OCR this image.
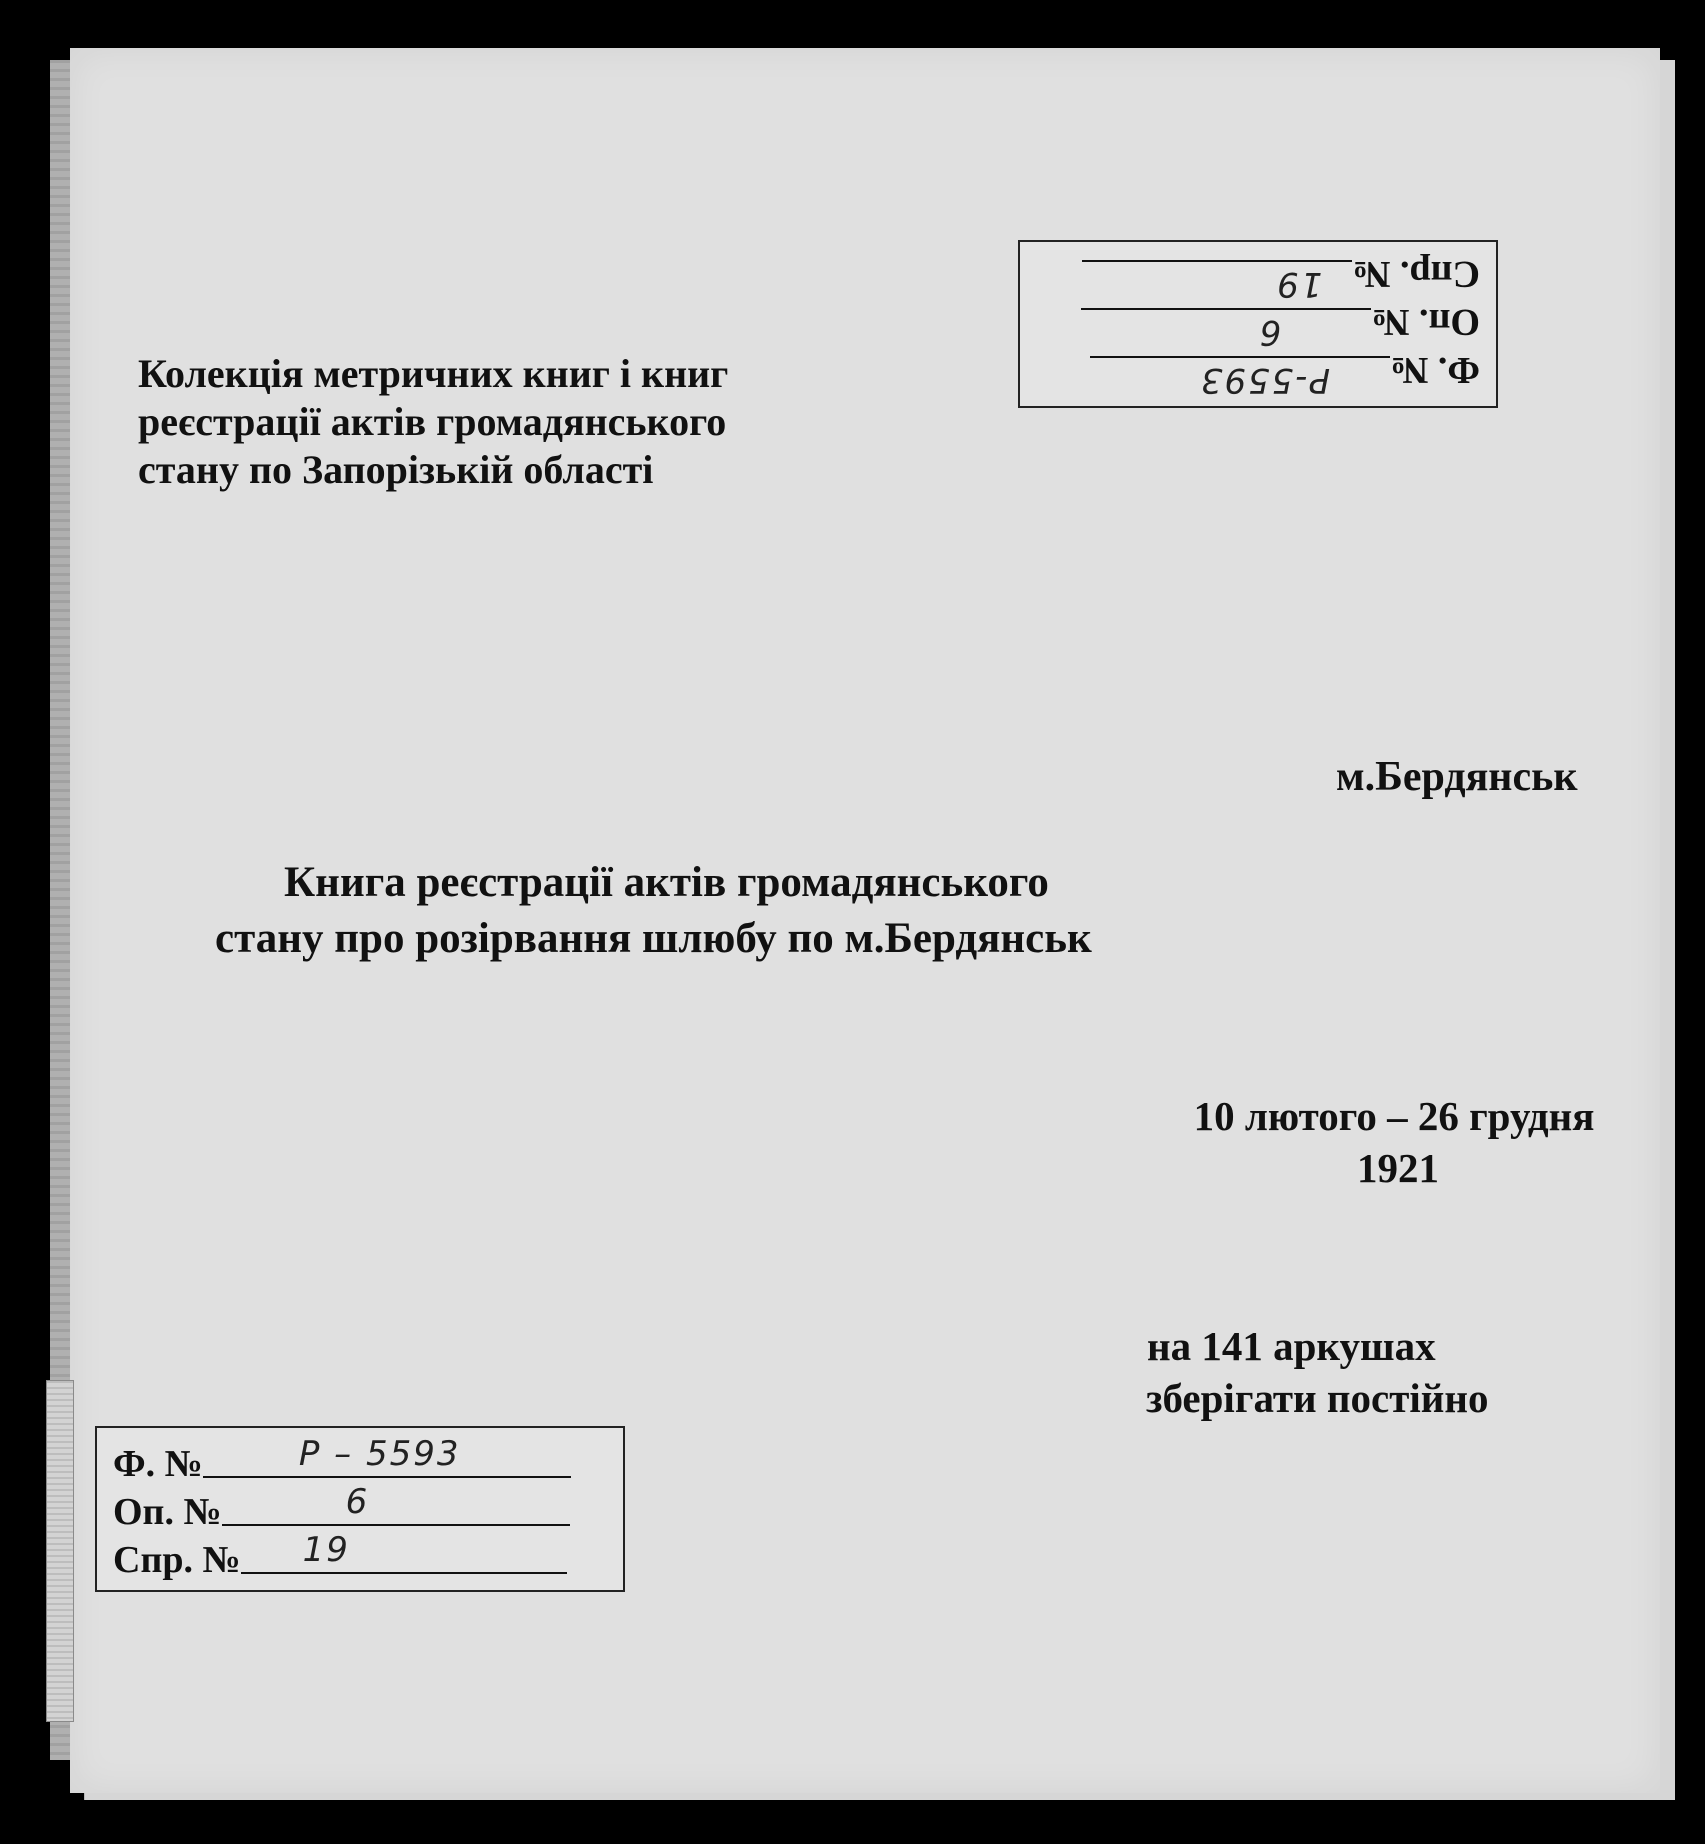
Ф. №
Р-5593
Оп. №
6
Спр. №
19

Колекція метричних книг і книг
реєстрації актів громадянського
стану по Запорізькій області

м.Бердянськ

Книга реєстрації актів громадянського
стану про розірвання шлюбу по м.Бердянськ

10 лютого – 26 грудня
1921

на 141 аркушах

зберігати постійно

Ф. №	Р – 5593
Оп. №	6
Спр. № 19
